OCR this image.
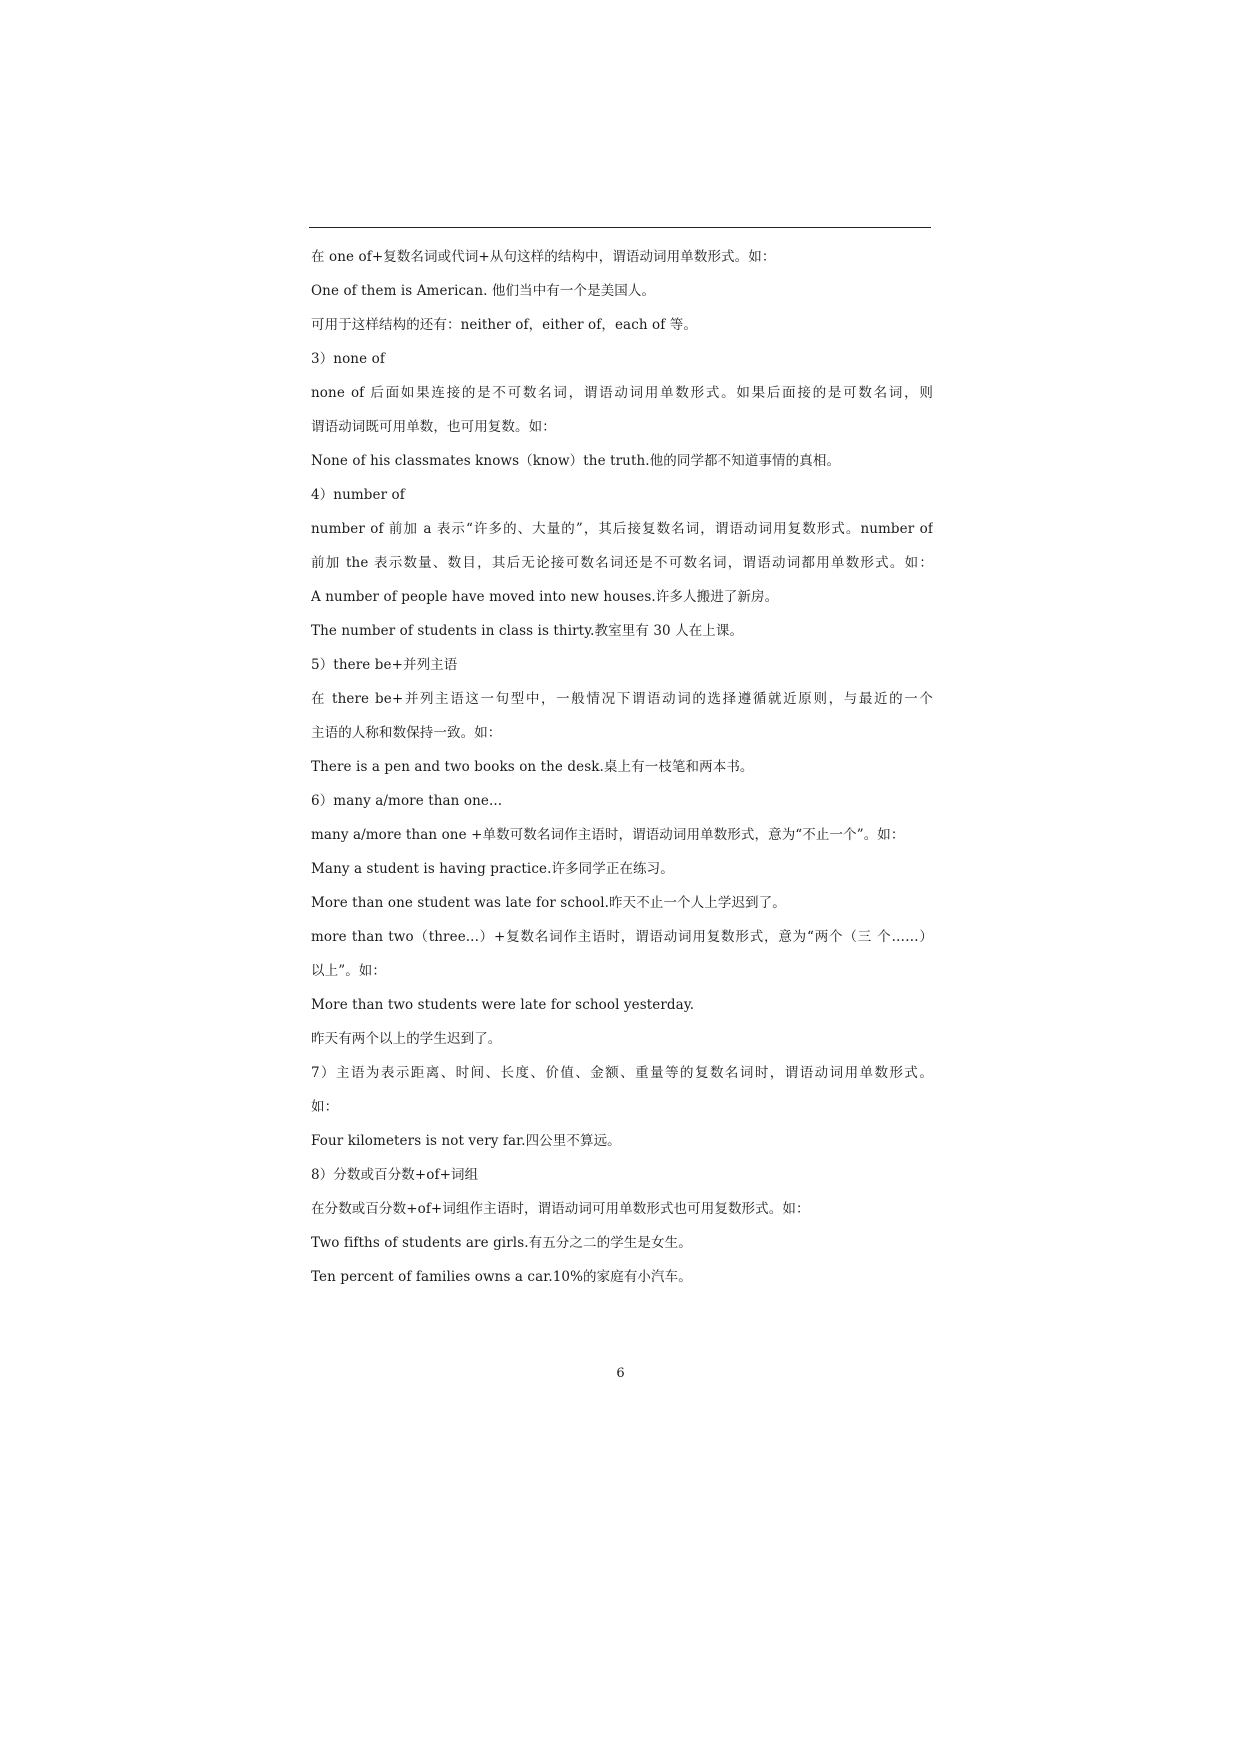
在 one of+复数名词或代词+从句这样的结构中，谓语动词用单数形式。如：
One of them is American. 他们当中有一个是美国人。
可用于这样结构的还有：neither of，either of，each of 等。
3）none of
none of 后面如果连接的是不可数名词，谓语动词用单数形式。如果后面接的是可数名词，则
谓语动词既可用单数，也可用复数。如：
None of his classmates knows（know）the truth.他的同学都不知道事情的真相。
4）number of
number of 前加 a 表示“许多的、大量的”，其后接复数名词，谓语动词用复数形式。number of
前加 the 表示数量、数目，其后无论接可数名词还是不可数名词，谓语动词都用单数形式。如：
A number of people have moved into new houses.许多人搬进了新房。
The number of students in class is thirty.教室里有 30 人在上课。
5）there be+并列主语
在 there be+并列主语这一句型中，一般情况下谓语动词的选择遵循就近原则，与最近的一个
主语的人称和数保持一致。如：
There is a pen and two books on the desk.桌上有一枝笔和两本书。
6）many a/more than one...
many a/more than one +单数可数名词作主语时，谓语动词用单数形式，意为“不止一个”。如：
Many a student is having practice.许多同学正在练习。
More than one student was late for school.昨天不止一个人上学迟到了。
more than two（three...）+复数名词作主语时，谓语动词用复数形式，意为“两个（三 个……）
以上”。如：
More than two students were late for school yesterday.
昨天有两个以上的学生迟到了。
7）主语为表示距离、时间、长度、价值、金额、重量等的复数名词时，谓语动词用单数形式。
如：
Four kilometers is not very far.四公里不算远。
8）分数或百分数+of+词组
在分数或百分数+of+词组作主语时，谓语动词可用单数形式也可用复数形式。如：
Two fifths of students are girls.有五分之二的学生是女生。
Ten percent of families owns a car.10%的家庭有小汽车。
6
